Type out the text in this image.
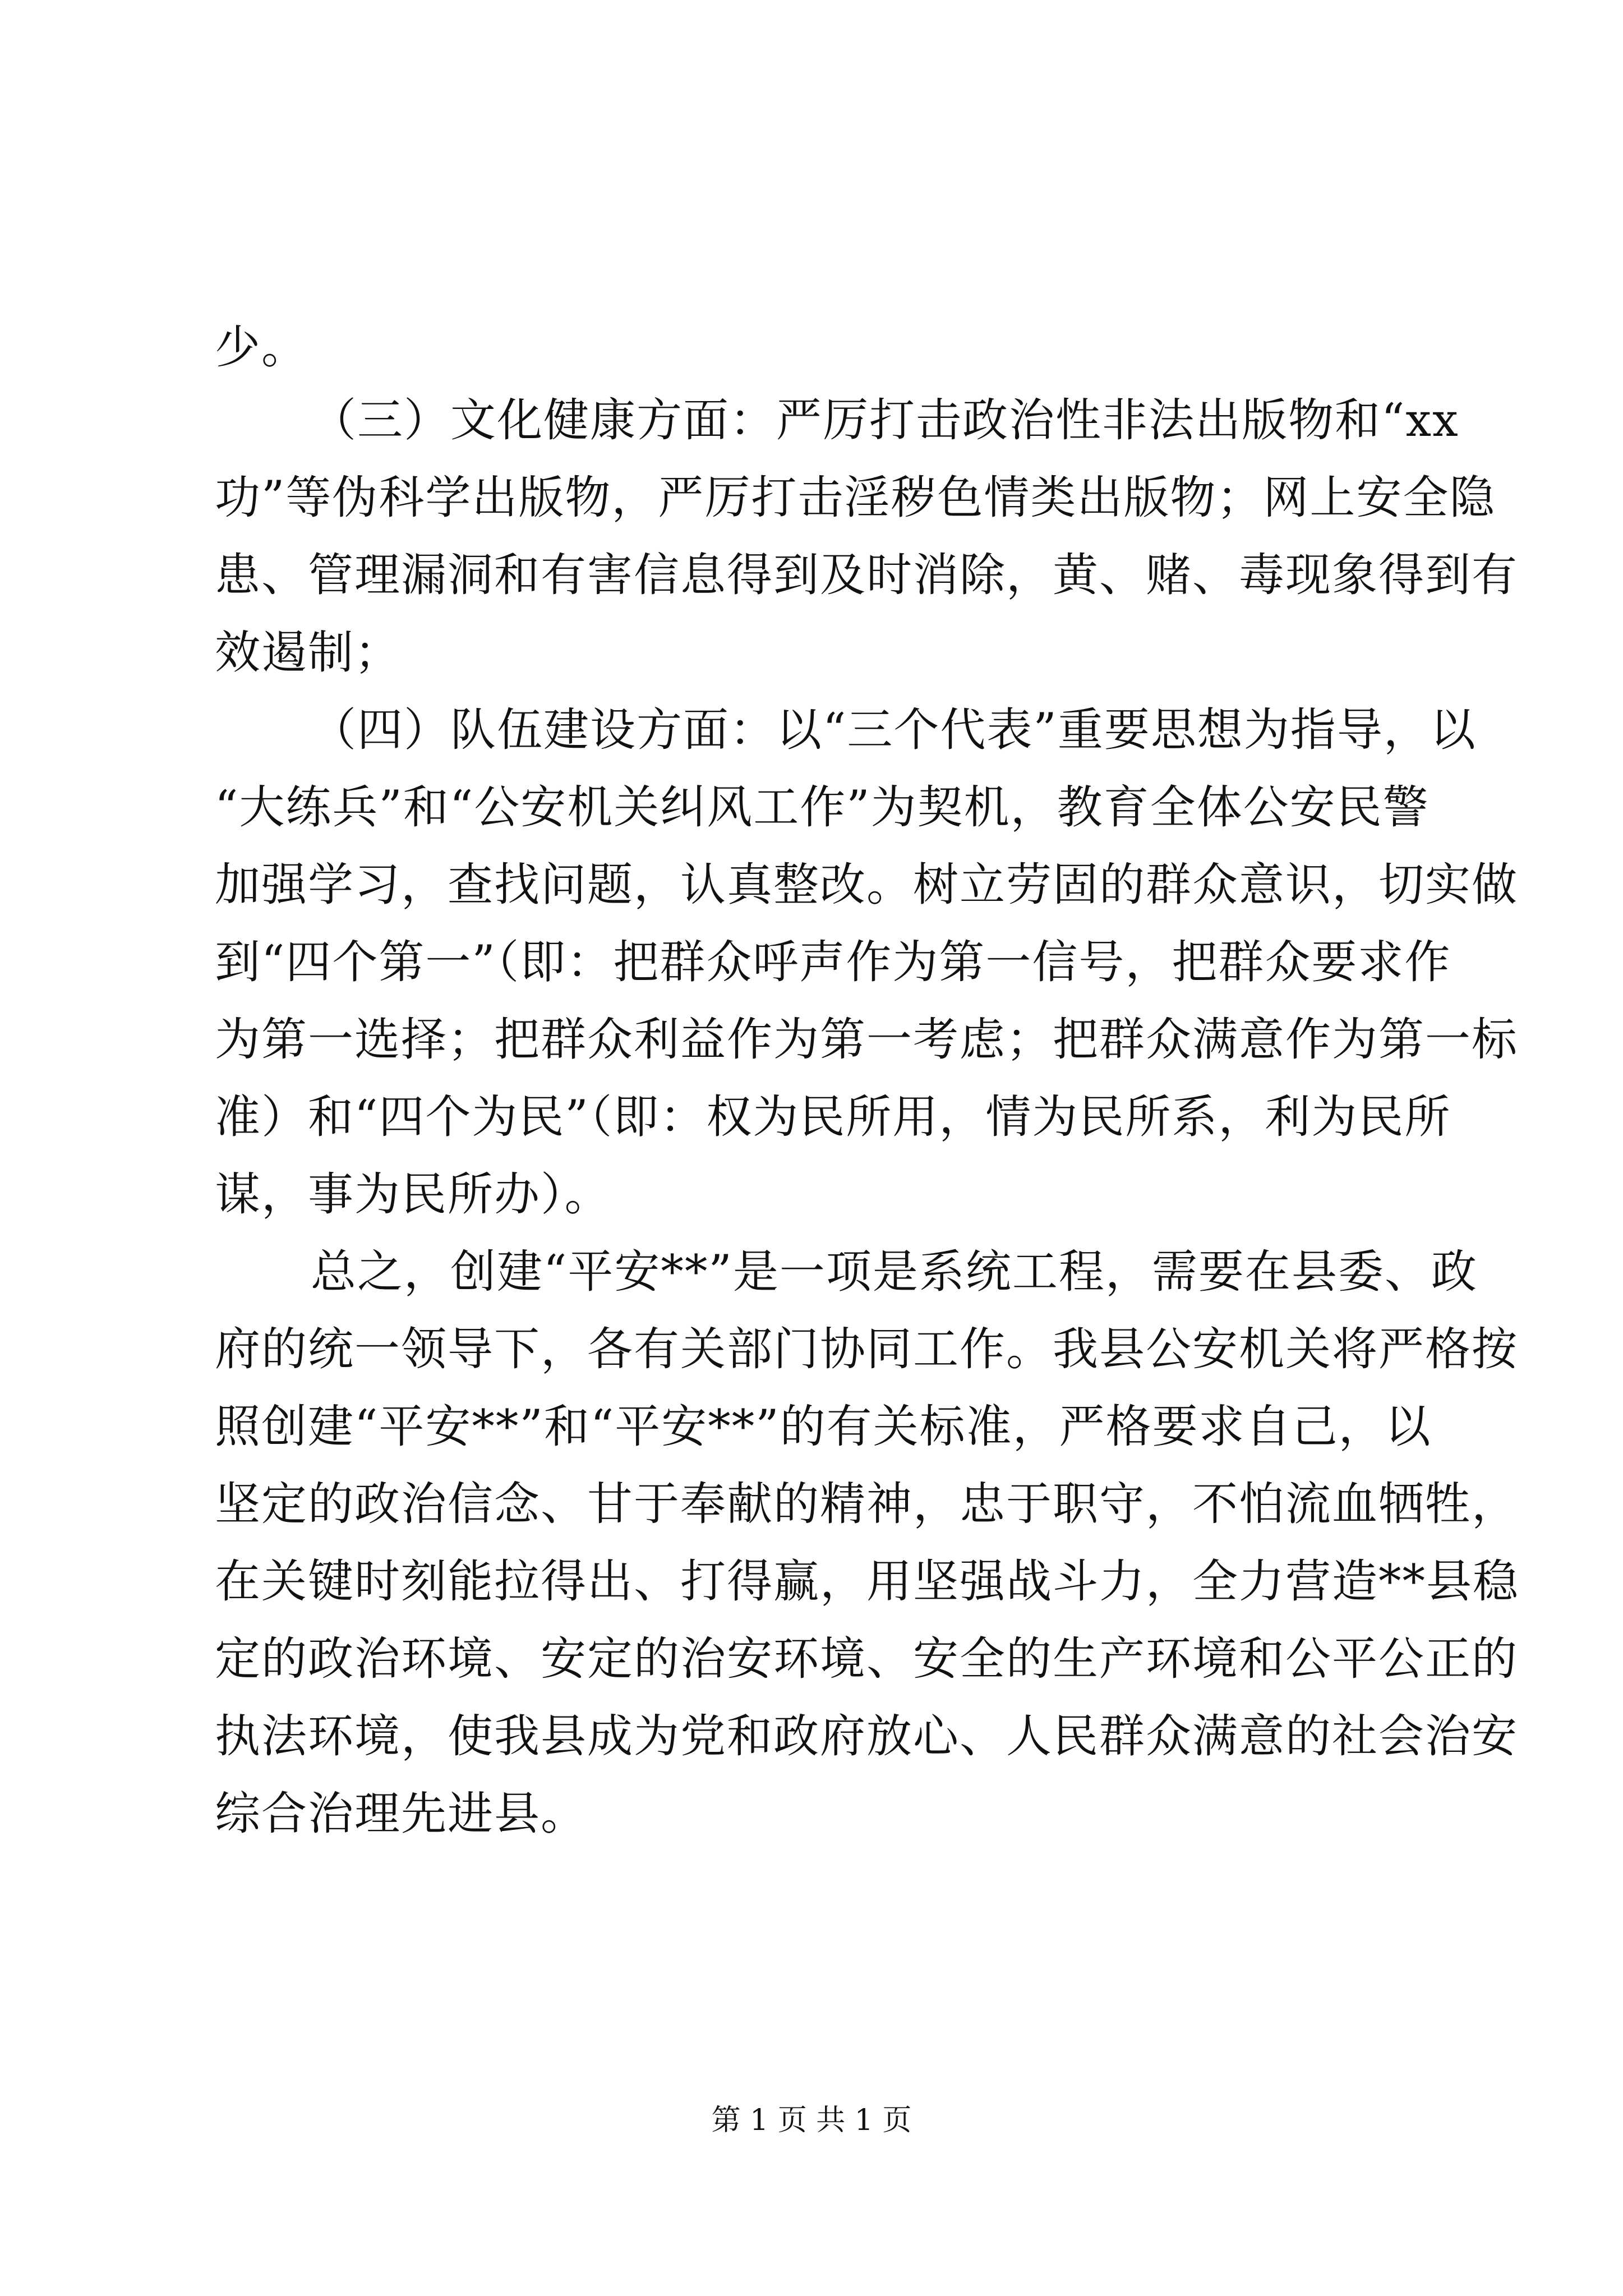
少。
（三）文化健康方面：严厉打击政治性非法出版物和“xx
功”等伪科学出版物，严厉打击淫秽色情类出版物；网上安全隐
患、管理漏洞和有害信息得到及时消除，黄、赌、毒现象得到有
效遏制；
（四）队伍建设方面：以“三个代表”重要思想为指导，以
“大练兵”和“公安机关纠风工作”为契机，教育全体公安民警
加强学习，查找问题，认真整改。树立劳固的群众意识，切实做
到“四个第一”（即：把群众呼声作为第一信号，把群众要求作
为第一选择；把群众利益作为第一考虑；把群众满意作为第一标
准）和“四个为民”（即：权为民所用，情为民所系，利为民所
谋，事为民所办）。
总之，创建“平安**”是一项是系统工程，需要在县委、政
府的统一领导下，各有关部门协同工作。我县公安机关将严格按
照创建“平安**”和“平安**”的有关标准，严格要求自己，以
坚定的政治信念、甘于奉献的精神，忠于职守，不怕流血牺牲，
在关键时刻能拉得出、打得赢，用坚强战斗力，全力营造**县稳
定的政治环境、安定的治安环境、安全的生产环境和公平公正的
执法环境，使我县成为党和政府放心、人民群众满意的社会治安
综合治理先进县。
第 1 页 共 1 页
